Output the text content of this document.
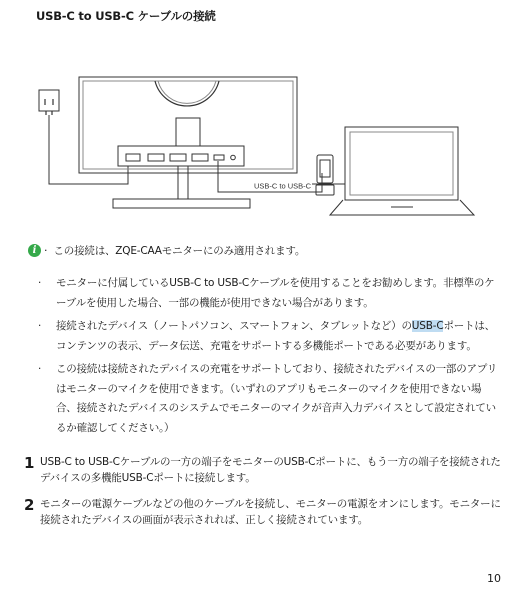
USB-C to USB-C ケーブルの接続
USB-C to USB-C
i · この接続は、ZQE-CAAモニターにのみ適用されます。
·	モニターに付属しているUSB-C to USB-Cケーブルを使用することをお勧めします。非標準のケーブルを使用した場合、一部の機能が使用できない場合があります。
·	接続されたデバイス（ノートパソコン、スマートフォン、タブレットなど）のUSB-Cポートは、コンテンツの表示、データ伝送、充電をサポートする多機能ポートである必要があります。
·	この接続は接続されたデバイスの充電をサポートしており、接続されたデバイスの一部のアプリはモニターのマイクを使用できます。（いずれのアプリもモニターのマイクを使用できない場合、接続されたデバイスのシステムでモニターのマイクが音声入力デバイスとして設定されているか確認してください。）
1 USB-C to USB-Cケーブルの一方の端子をモニターのUSB-Cポートに、もう一方の端子を接続されたデバイスの多機能USB-Cポートに接続します。
2 モニターの電源ケーブルなどの他のケーブルを接続し、モニターの電源をオンにします。モニターに接続されたデバイスの画面が表示されれば、正しく接続されています。
10
